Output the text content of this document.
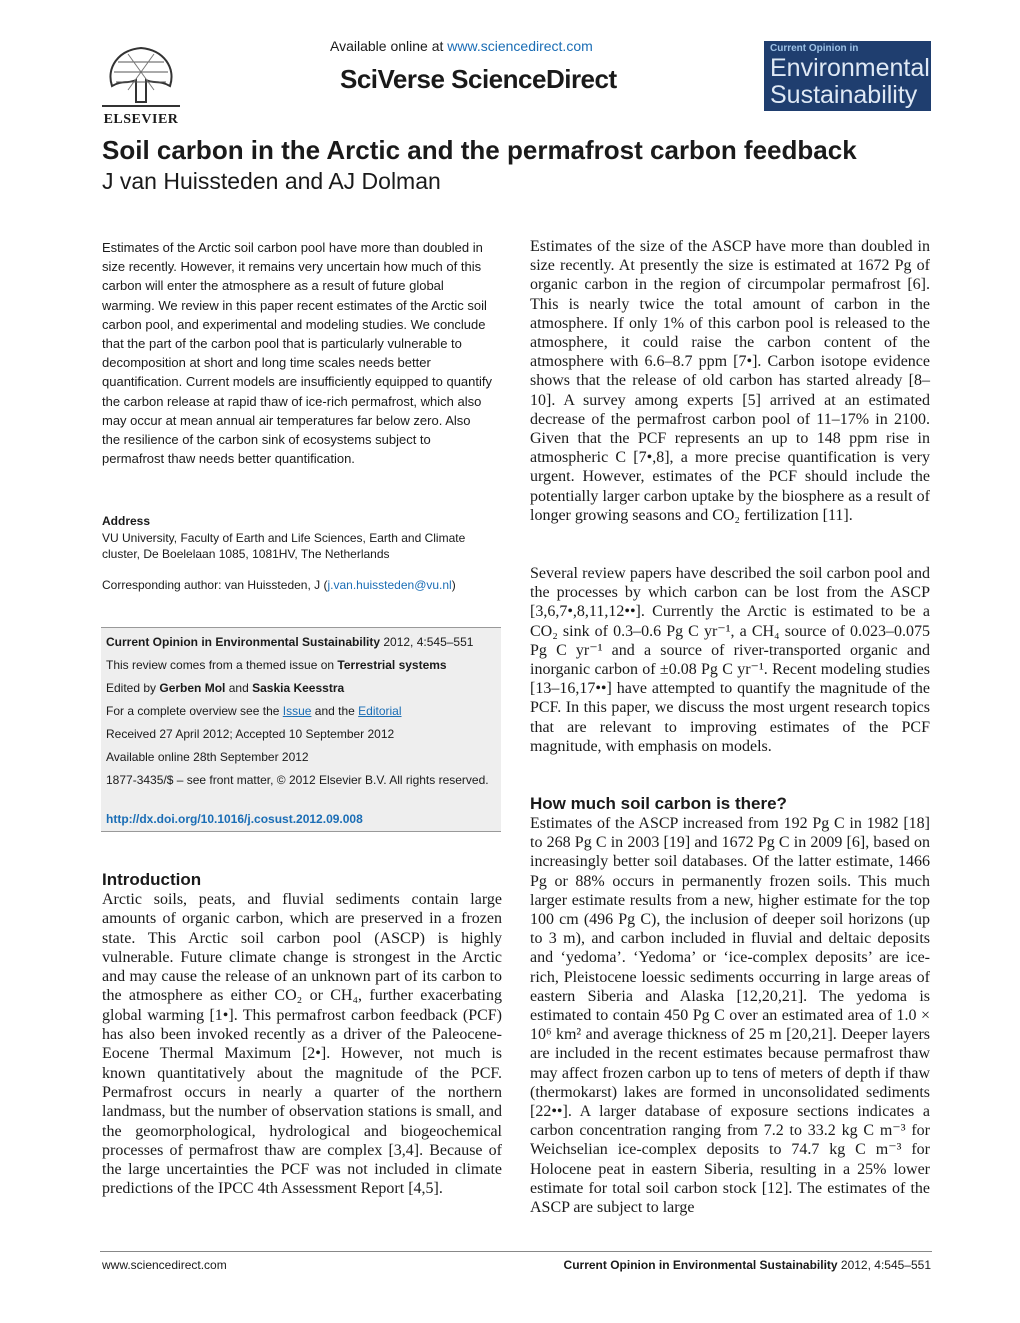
ELSEVIER
Available online at www.sciencedirect.com
SciVerse ScienceDirect
Current Opinion in
Environmental
Sustainability
Soil carbon in the Arctic and the permafrost carbon feedback
J van Huissteden and AJ Dolman
Estimates of the Arctic soil carbon pool have more than doubled in size recently. However, it remains very uncertain how much of this carbon will enter the atmosphere as a result of future global warming. We review in this paper recent estimates of the Arctic soil carbon pool, and experimental and modeling studies. We conclude that the part of the carbon pool that is particularly vulnerable to decomposition at short and long time scales needs better quantification. Current models are insufficiently equipped to quantify the carbon release at rapid thaw of ice-rich permafrost, which also may occur at mean annual air temperatures far below zero. Also the resilience of the carbon sink of ecosystems subject to permafrost thaw needs better quantification.
Address
VU University, Faculty of Earth and Life Sciences, Earth and Climate cluster, De Boelelaan 1085, 1081HV, The Netherlands
Corresponding author: van Huissteden, J (j.van.huissteden@vu.nl)
Current Opinion in Environmental Sustainability 2012, 4:545–551
This review comes from a themed issue on Terrestrial systems
Edited by Gerben Mol and Saskia Keesstra
For a complete overview see the Issue and the Editorial
Received 27 April 2012; Accepted 10 September 2012
Available online 28th September 2012
1877-3435/$ – see front matter, © 2012 Elsevier B.V. All rights reserved.
http://dx.doi.org/10.1016/j.cosust.2012.09.008
Introduction
Arctic soils, peats, and fluvial sediments contain large amounts of organic carbon, which are preserved in a frozen state. This Arctic soil carbon pool (ASCP) is highly vulnerable. Future climate change is strongest in the Arctic and may cause the release of an unknown part of its carbon to the atmosphere as either CO₂ or CH₄, further exacerbating global warming [1•]. This permafrost carbon feedback (PCF) has also been invoked recently as a driver of the Paleocene-Eocene Thermal Maximum [2•]. However, not much is known quantitatively about the magnitude of the PCF. Permafrost occurs in nearly a quarter of the northern landmass, but the number of observation stations is small, and the geomorphological, hydrological and biogeochemical processes of permafrost thaw are complex [3,4]. Because of the large uncertainties the PCF was not included in climate predictions of the IPCC 4th Assessment Report [4,5].
Estimates of the size of the ASCP have more than doubled in size recently. At presently the size is estimated at 1672 Pg of organic carbon in the region of circumpolar permafrost [6]. This is nearly twice the total amount of carbon in the atmosphere. If only 1% of this carbon pool is released to the atmosphere, it could raise the carbon content of the atmosphere with 6.6–8.7 ppm [7•]. Carbon isotope evidence shows that the release of old carbon has started already [8–10]. A survey among experts [5] arrived at an estimated decrease of the permafrost carbon pool of 11–17% in 2100. Given that the PCF represents an up to 148 ppm rise in atmospheric C [7•,8], a more precise quantification is very urgent. However, estimates of the PCF should include the potentially larger carbon uptake by the biosphere as a result of longer growing seasons and CO₂ fertilization [11].
Several review papers have described the soil carbon pool and the processes by which carbon can be lost from the ASCP [3,6,7•,8,11,12••]. Currently the Arctic is estimated to be a CO₂ sink of 0.3–0.6 Pg C yr⁻¹, a CH₄ source of 0.023–0.075 Pg C yr⁻¹ and a source of river-transported organic and inorganic carbon of ±0.08 Pg C yr⁻¹. Recent modeling studies [13–16,17••] have attempted to quantify the magnitude of the PCF. In this paper, we discuss the most urgent research topics that are relevant to improving estimates of the PCF magnitude, with emphasis on models.
How much soil carbon is there?
Estimates of the ASCP increased from 192 Pg C in 1982 [18] to 268 Pg C in 2003 [19] and 1672 Pg C in 2009 [6], based on increasingly better soil databases. Of the latter estimate, 1466 Pg or 88% occurs in permanently frozen soils. This much larger estimate results from a new, higher estimate for the top 100 cm (496 Pg C), the inclusion of deeper soil horizons (up to 3 m), and carbon included in fluvial and deltaic deposits and ‘yedoma’. ‘Yedoma’ or ‘ice-complex deposits’ are ice-rich, Pleistocene loessic sediments occurring in large areas of eastern Siberia and Alaska [12,20,21]. The yedoma is estimated to contain 450 Pg C over an estimated area of 1.0 × 10⁶ km² and average thickness of 25 m [20,21]. Deeper layers are included in the recent estimates because permafrost thaw may affect frozen carbon up to tens of meters of depth if thaw (thermokarst) lakes are formed in unconsolidated sediments [22••]. A larger database of exposure sections indicates a carbon concentration ranging from 7.2 to 33.2 kg C m⁻³ for Weichselian ice-complex deposits to 74.7 kg C m⁻³ for Holocene peat in eastern Siberia, resulting in a 25% lower estimate for total soil carbon stock [12]. The estimates of the ASCP are subject to large
www.sciencedirect.com	Current Opinion in Environmental Sustainability 2012, 4:545–551
